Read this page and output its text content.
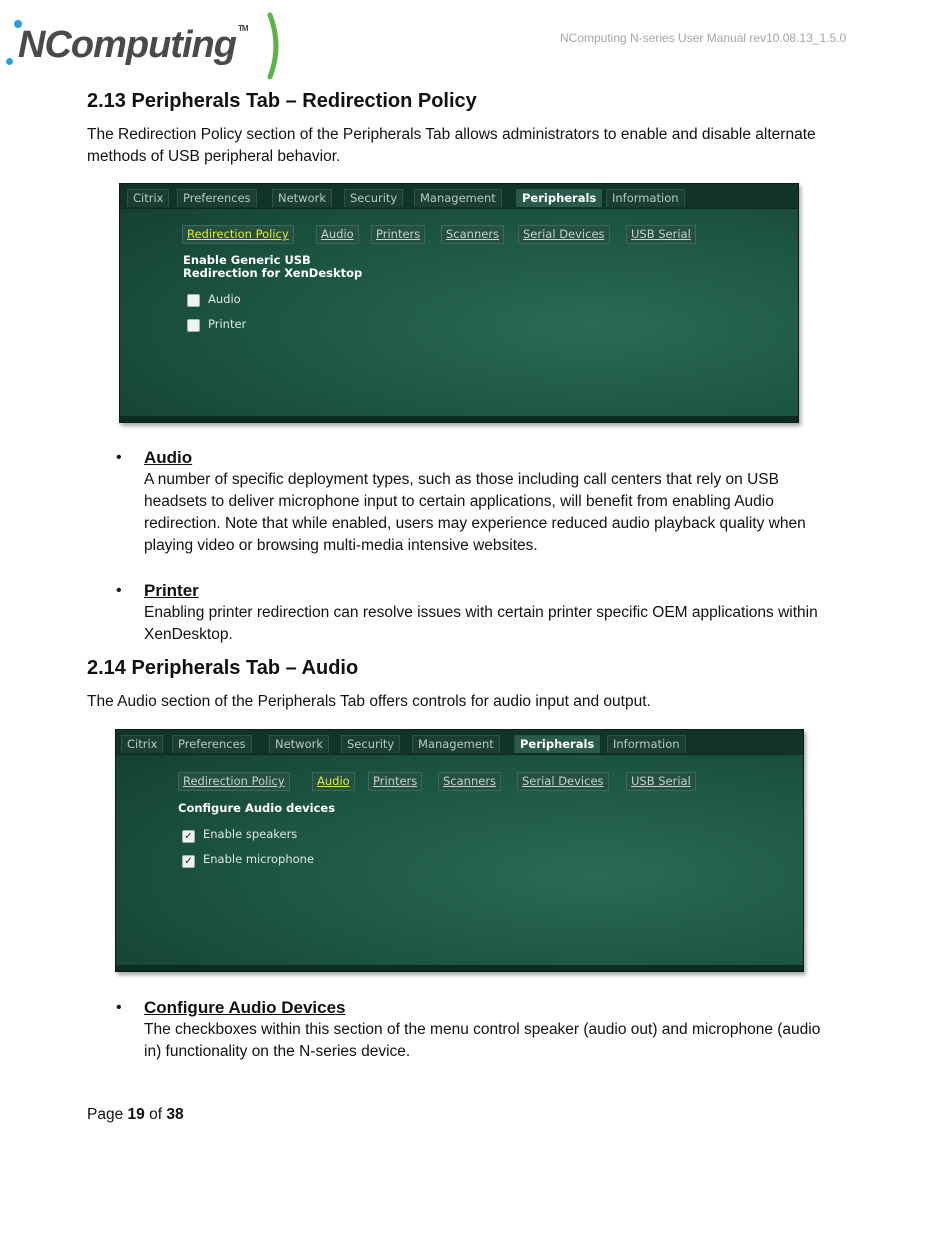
NComputing ™
NComputing N-series User Manual rev10.08.13_1.5.0
2.13 Peripherals Tab – Redirection Policy

The Redirection Policy section of the Peripherals Tab allows administrators to enable and disable alternate methods of USB peripheral behavior.

Citrix	Preferences	Network	Security	Management	Peripherals	Information
Redirection Policy	Audio	Printers	Scanners	Serial Devices	USB Serial
Enable Generic USB
Redirection for XenDesktop
Audio
Printer
• Audio

A number of specific deployment types, such as those including call centers that rely on USB headsets to deliver microphone input to certain applications, will benefit from enabling Audio redirection. Note that while enabled, users may experience reduced audio playback quality when playing video or browsing multi-media intensive websites.

• Printer

Enabling printer redirection can resolve issues with certain printer specific OEM applications within XenDesktop.

2.14 Peripherals Tab – Audio

The Audio section of the Peripherals Tab offers controls for audio input and output.

Citrix	Preferences	Network	Security	Management	Peripherals	Information
Redirection Policy	Audio	Printers	Scanners	Serial Devices	USB Serial
Configure Audio devices
✓ Enable speakers
✓ Enable microphone
• Configure Audio Devices

The checkboxes within this section of the menu control speaker (audio out) and microphone (audio in) functionality on the N-series device.

Page 19 of 38
